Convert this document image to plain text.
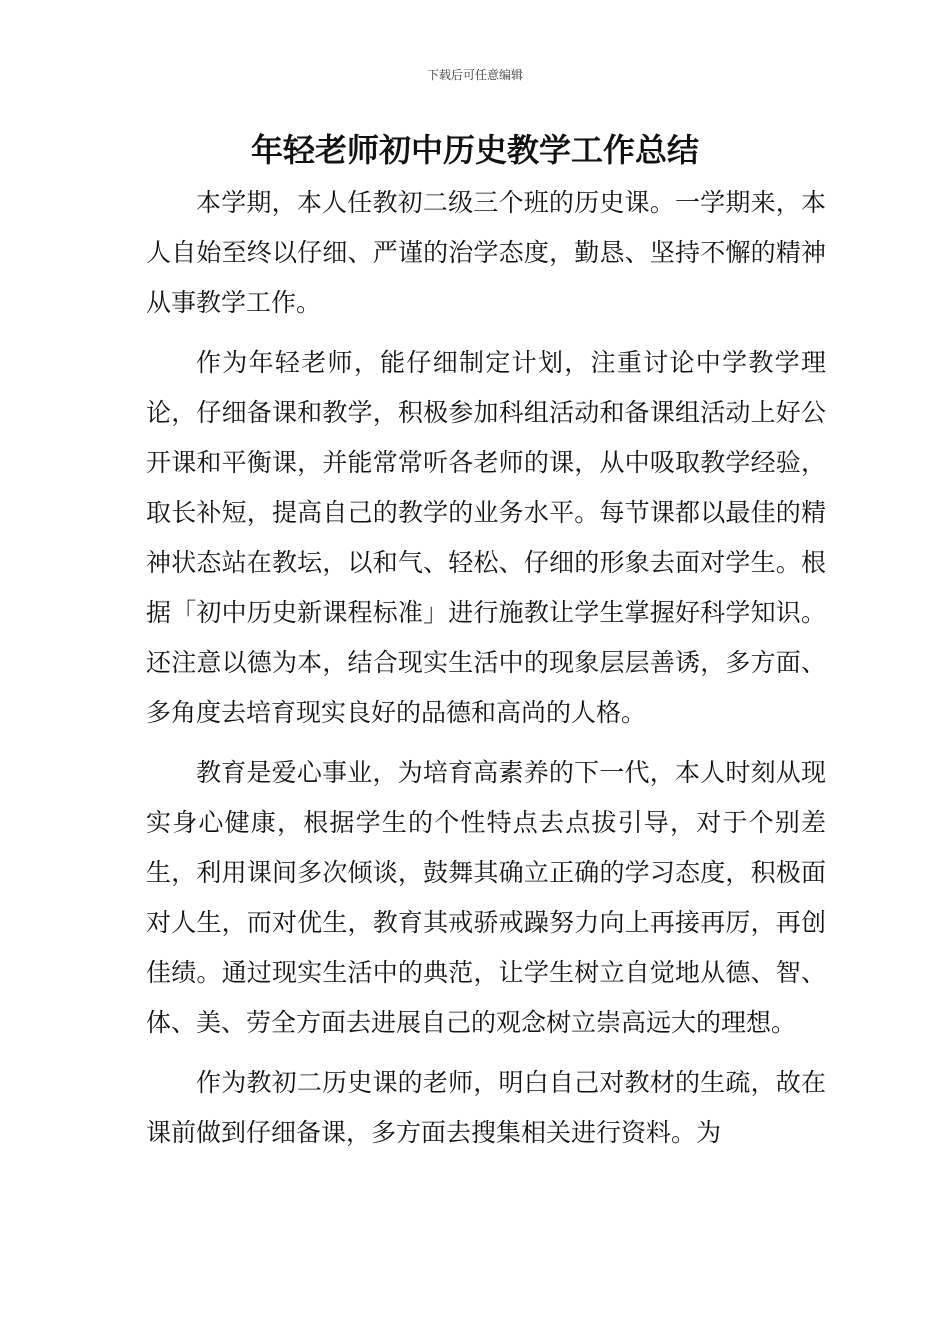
下载后可任意编辑
年轻老师初中历史教学工作总结

本学期，本人任教初二级三个班的历史课。一学期来，本人自始至终以仔细、严谨的治学态度，勤恳、坚持不懈的精神从事教学工作。

作为年轻老师，能仔细制定计划，注重讨论中学教学理论，仔细备课和教学，积极参加科组活动和备课组活动上好公开课和平衡课，并能常常听各老师的课，从中吸取教学经验，取长补短，提高自己的教学的业务水平。每节课都以最佳的精神状态站在教坛，以和气、轻松、仔细的形象去面对学生。根据「初中历史新课程标准」进行施教让学生掌握好科学知识。还注意以德为本，结合现实生活中的现象层层善诱，多方面、多角度去培育现实良好的品德和高尚的人格。

教育是爱心事业，为培育高素养的下一代，本人时刻从现实身心健康，根据学生的个性特点去点拔引导，对于个别差生，利用课间多次倾谈，鼓舞其确立正确的学习态度，积极面对人生，而对优生，教育其戒骄戒躁努力向上再接再厉，再创佳绩。通过现实生活中的典范，让学生树立自觉地从德、智、体、美、劳全方面去进展自己的观念树立崇高远大的理想。

作为教初二历史课的老师，明白自己对教材的生疏，故在课前做到仔细备课，多方面去搜集相关进行资料。为
